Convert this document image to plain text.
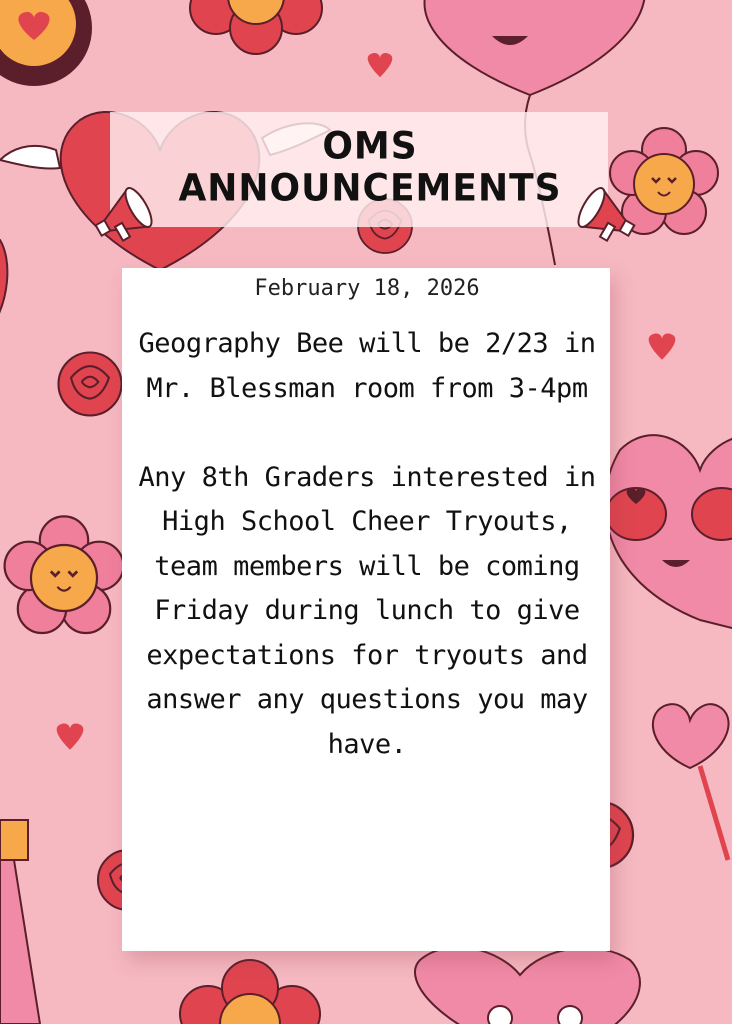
OMS
ANNOUNCEMENTS
February 18, 2026

Geography Bee will be 2/23 in Mr. Blessman room from 3-4pm

Any 8th Graders interested in High School Cheer Tryouts, team members will be coming Friday during lunch to give expectations for tryouts and answer any questions you may have.
